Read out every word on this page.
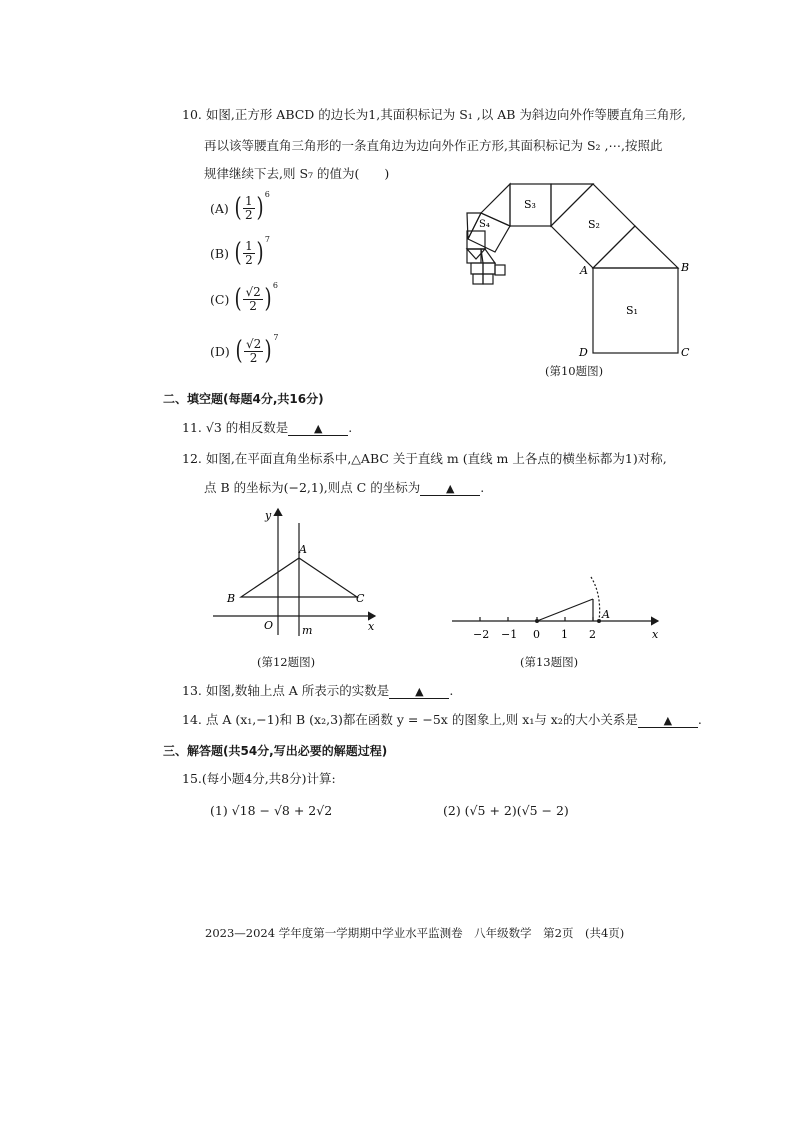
10. 如图,正方形 ABCD 的边长为1,其面积标记为 S₁ ,以 AB 为斜边向外作等腰直角三角形,
再以该等腰直角三角形的一条直角边为边向外作正方形,其面积标记为 S₂ ,⋯,按照此
规律继续下去,则 S₇ 的值为(　　)
(A) ( $\frac{1}{2}$ ) 6
(B) ( $\frac{1}{2}$ ) 7
(C) ( $\frac{√2}{2}$ ) 6
(D) ( $\frac{√2}{2}$ ) 7
S₁
S₂
S₃
S₄
A	B
C
D
(第10题图)
二、填空题(每题4分,共16分)
11. √3 的相反数是 ▲ .
12. 如图,在平面直角坐标系中,△ABC 关于直线 m (直线 m 上各点的横坐标都为1)对称,
点 B 的坐标为(−2,1),则点 C 的坐标为 ▲ .
y
x
O	m
A
B	C
(第12题图)
A
x
−2 −1 0 1 2
(第13题图)
13. 如图,数轴上点 A 所表示的实数是 ▲ .
14. 点 A (x₁,−1)和 B (x₂,3)都在函数 y = −5x 的图象上,则 x₁与 x₂的大小关系是 ▲ .
三、解答题(共54分,写出必要的解题过程)
15.(每小题4分,共8分)计算:
(1) √18 − √8 + 2√2	(2) (√5 + 2)(√5 − 2)
2023—2024 学年度第一学期期中学业水平监测卷　八年级数学　第2页　(共4页)
